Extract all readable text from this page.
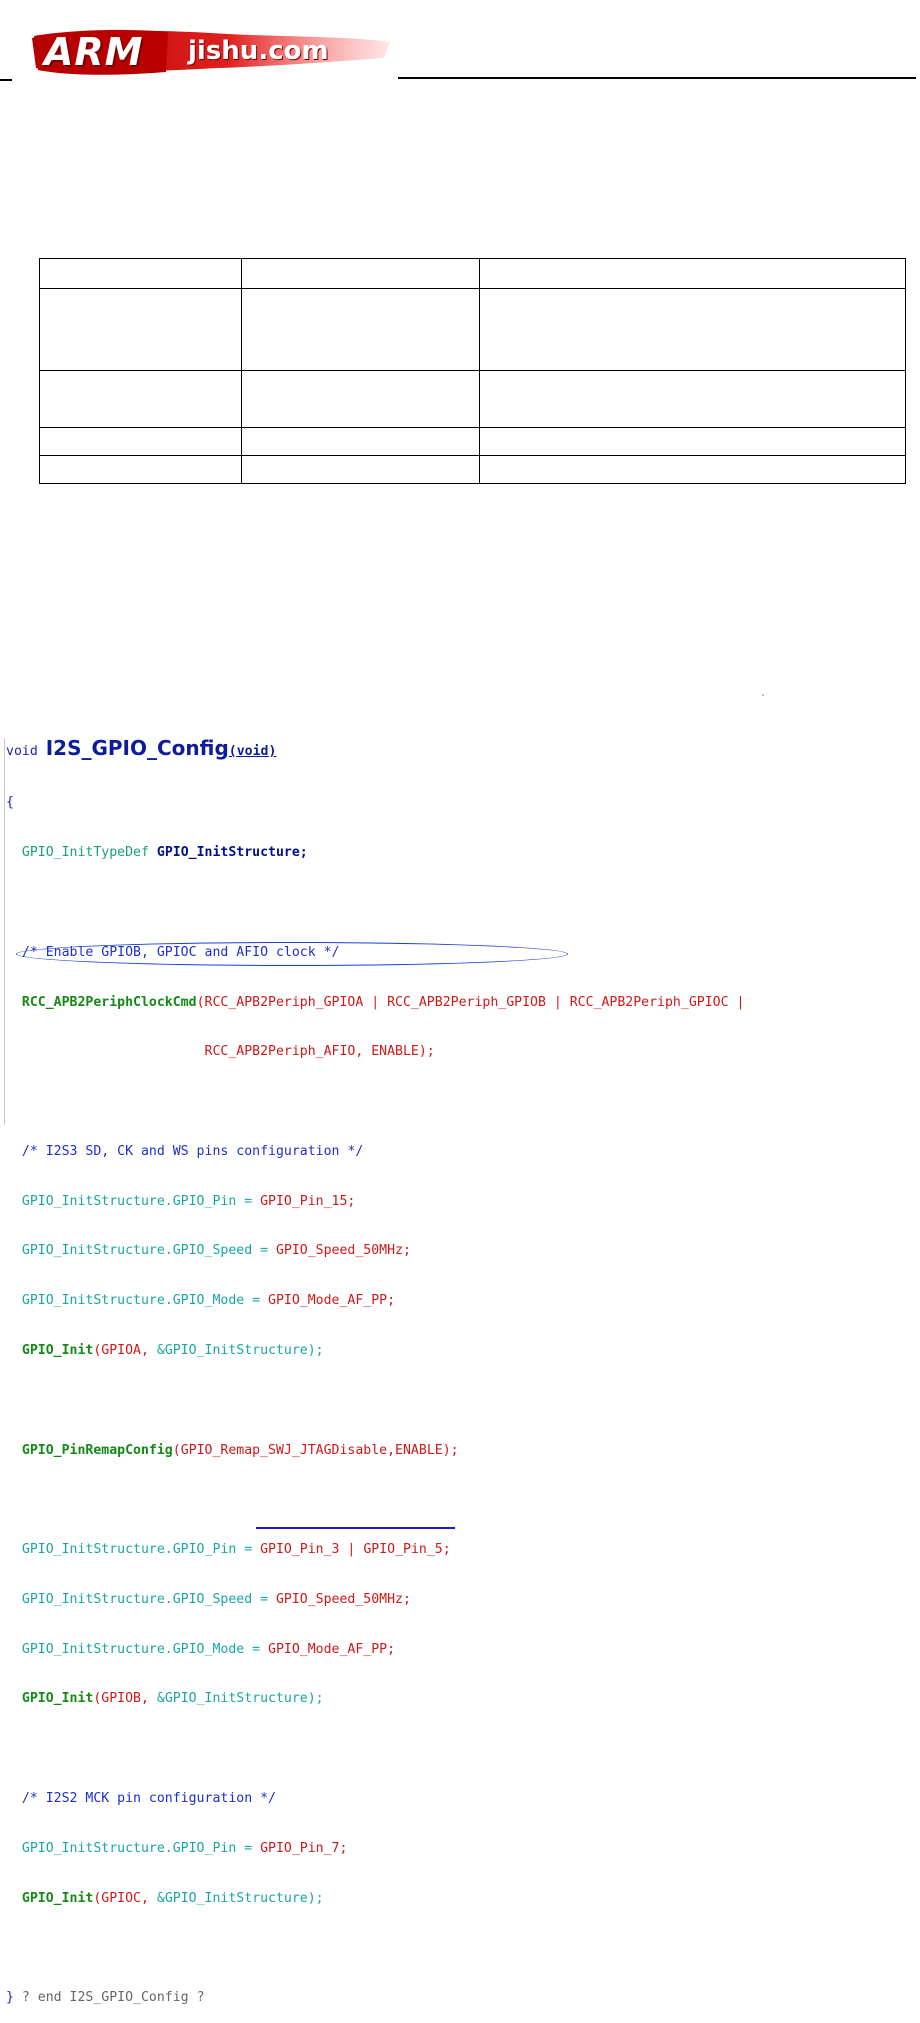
ARM jishu.com

´

void I2S_GPIO_Config(void)

{

GPIO_InitTypeDef GPIO_InitStructure;

/* Enable GPIOB, GPIOC and AFIO clock */

RCC_APB2PeriphClockCmd(RCC_APB2Periph_GPIOA | RCC_APB2Periph_GPIOB | RCC_APB2Periph_GPIOC |

RCC_APB2Periph_AFIO, ENABLE);

/* I2S3 SD, CK and WS pins configuration */

GPIO_InitStructure.GPIO_Pin = GPIO_Pin_15;

GPIO_InitStructure.GPIO_Speed = GPIO_Speed_50MHz;

GPIO_InitStructure.GPIO_Mode = GPIO_Mode_AF_PP;

GPIO_Init(GPIOA, &GPIO_InitStructure);

GPIO_PinRemapConfig(GPIO_Remap_SWJ_JTAGDisable,ENABLE);

GPIO_InitStructure.GPIO_Pin = GPIO_Pin_3 | GPIO_Pin_5;

GPIO_InitStructure.GPIO_Speed = GPIO_Speed_50MHz;

GPIO_InitStructure.GPIO_Mode = GPIO_Mode_AF_PP;

GPIO_Init(GPIOB, &GPIO_InitStructure);

/* I2S2 MCK pin configuration */

GPIO_InitStructure.GPIO_Pin = GPIO_Pin_7;

GPIO_Init(GPIOC, &GPIO_InitStructure);

} ? end I2S_GPIO_Config ?
